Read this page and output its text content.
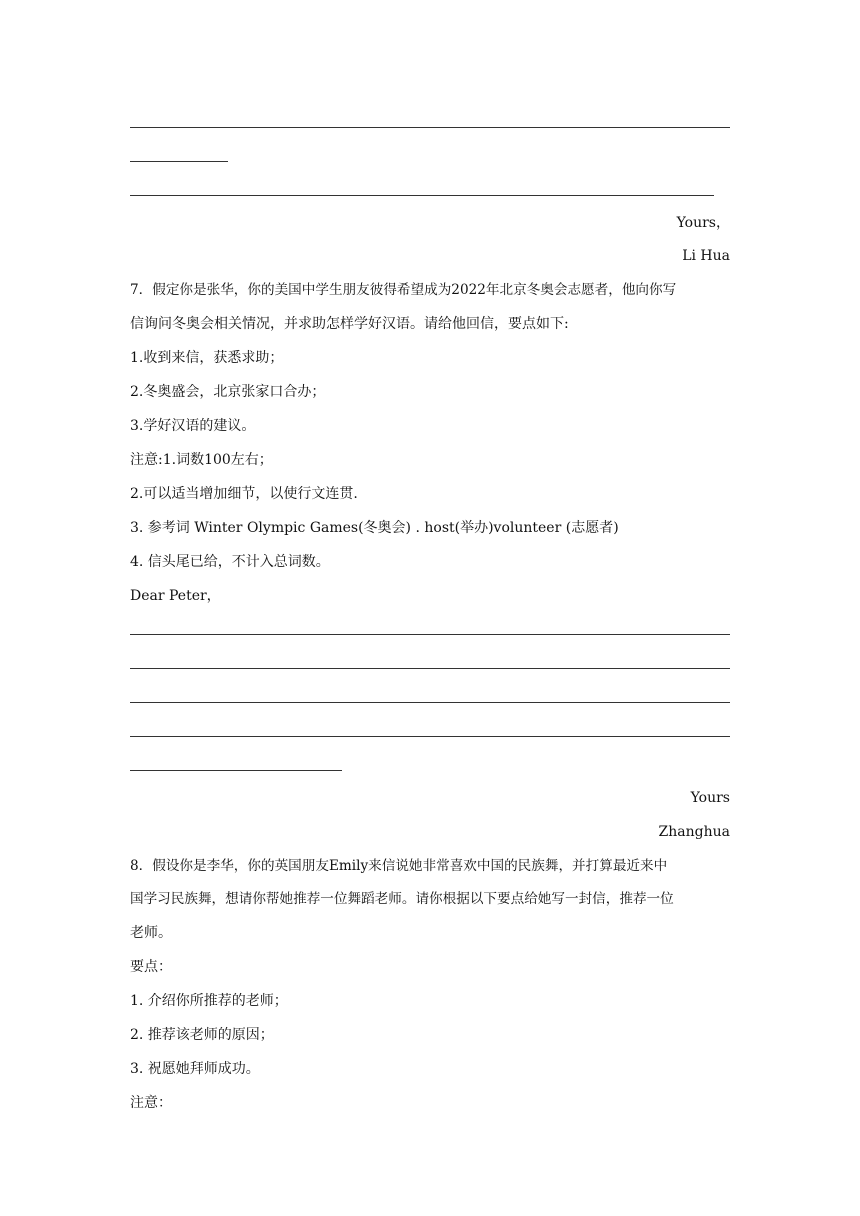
Yours，
Li Hua
7．假定你是张华，你的美国中学生朋友彼得希望成为2022年北京冬奥会志愿者，他向你写
信询问冬奥会相关情况，并求助怎样学好汉语。请给他回信，要点如下:
1.收到来信，获悉求助；
2.冬奥盛会，北京张家口合办；
3.学好汉语的建议。
注意:1.词数100左右；
2.可以适当增加细节，以使行文连贯.
3. 参考词 Winter Olympic Games(冬奥会) . host(举办)volunteer (志愿者)
4. 信头尾已给，不计入总词数。
Dear Peter，
Yours
Zhanghua
8．假设你是李华，你的英国朋友Emily来信说她非常喜欢中国的民族舞，并打算最近来中
国学习民族舞，想请你帮她推荐一位舞蹈老师。请你根据以下要点给她写一封信，推荐一位
老师。
要点：
1. 介绍你所推荐的老师；
2. 推荐该老师的原因；
3. 祝愿她拜师成功。
注意：
